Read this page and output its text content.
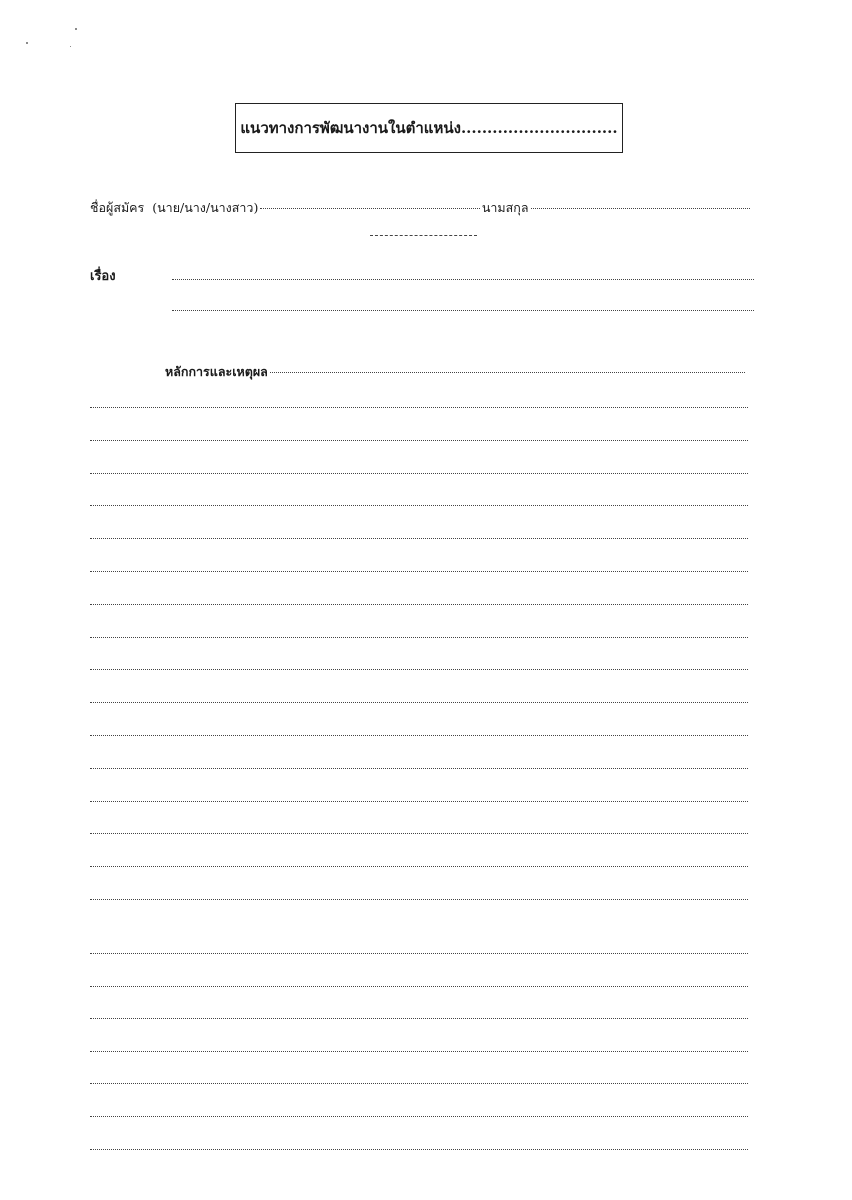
แนวทางการพัฒนางานในตำแหน่ง..............................
ชื่อผู้สมัคร (นาย/นาง/นางสาว)	นามสกุล
เรื่อง
หลักการและเหตุผล
